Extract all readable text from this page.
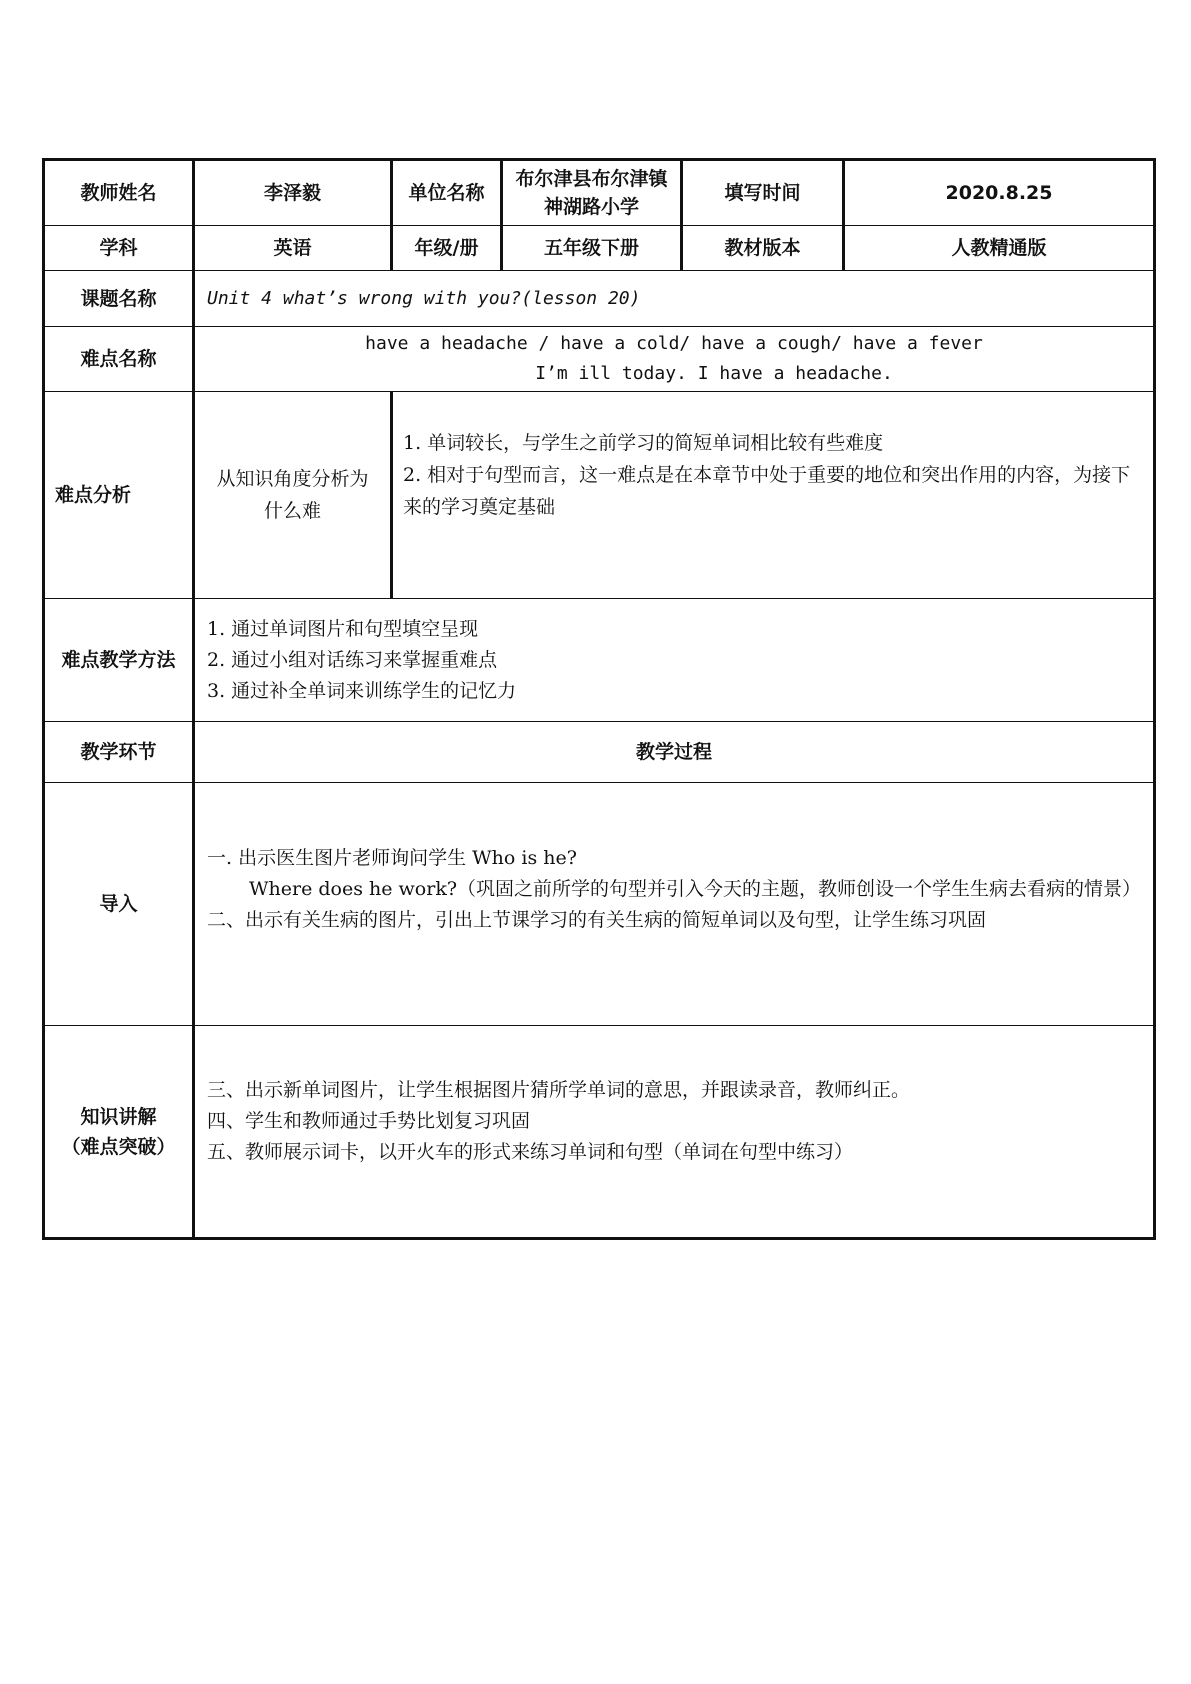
教师姓名	李泽毅	单位名称	布尔津县布尔津镇
神湖路小学	填写时间	2020.8.25
学科	英语	年级/册	五年级下册	教材版本	人教精通版
课题名称	Unit 4 what’s wrong with you?(lesson 20)				
难点名称	have a headache / have a cold/ have a cough/ have a fever
I’m ill today. I have a headache.				

难点分析	从知识角度分析为什么难	1. 单词较长，与学生之前学习的简短单词相比较有些难度
2. 相对于句型而言，这一难点是在本章节中处于重要的地位和突出作用的内容，为接下来的学习奠定基础			

难点教学方法	1. 通过单词图片和句型填空呈现
2. 通过小组对话练习来掌握重难点
3. 通过补全单词来训练学生的记忆力				

教学环节	教学过程				
导入	一. 出示医生图片老师询问学生 Who is he?
Where does he work?（巩固之前所学的句型并引入今天的主题，教师创设一个学生生病去看病的情景）
二、出示有关生病的图片，引出上节课学习的有关生病的简短单词以及句型，让学生练习巩固				

知识讲解
（难点突破）	三、出示新单词图片，让学生根据图片猜所学单词的意思，并跟读录音，教师纠正。
四、学生和教师通过手势比划复习巩固
五、教师展示词卡，以开火车的形式来练习单词和句型（单词在句型中练习）				
